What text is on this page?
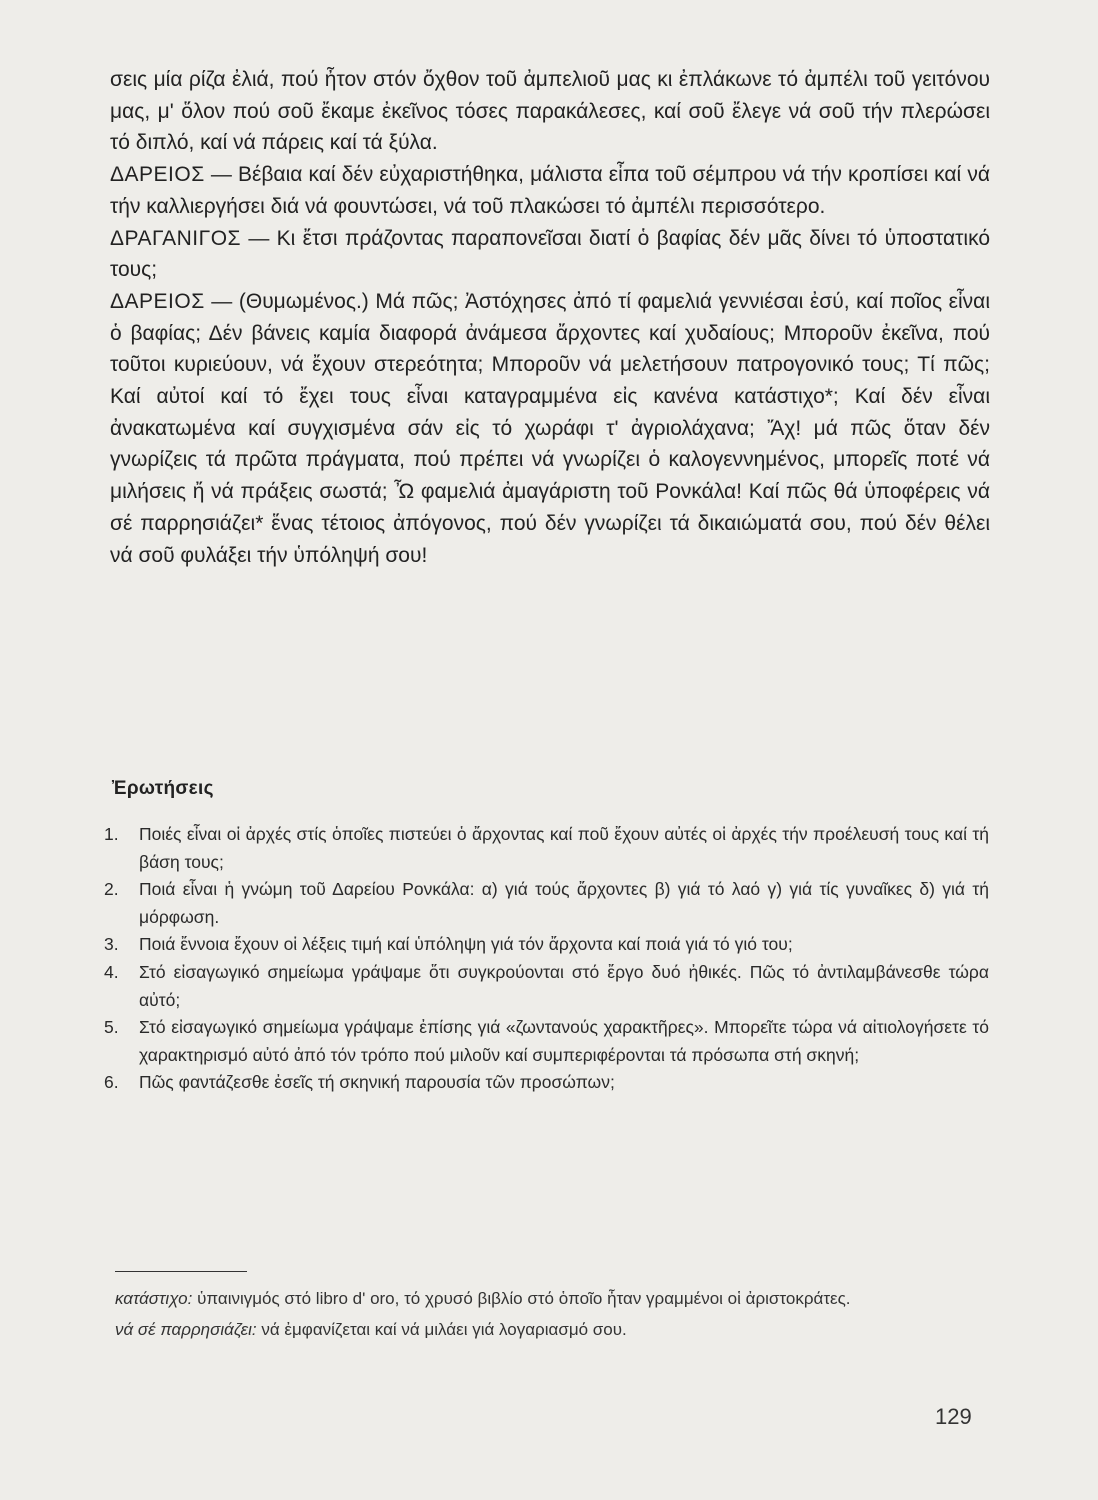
σεις μία ρίζα ἐλιά, πού ἦτον στόν ὄχθον τοῦ ἀμπελιοῦ μας κι ἐπλάκωνε τό ἀμπέλι τοῦ γειτόνου μας, μ' ὅλον πού σοῦ ἔκαμε ἐκεῖνος τόσες παρακάλεσες, καί σοῦ ἔλεγε νά σοῦ τήν πλερώσει τό διπλό, καί νά πάρεις καί τά ξύλα.

ΔΑΡΕΙΟΣ — Βέβαια καί δέν εὐχαριστήθηκα, μάλιστα εἶπα τοῦ σέμπρου νά τήν κροπίσει καί νά τήν καλλιεργήσει διά νά φουντώσει, νά τοῦ πλακώσει τό ἀμπέλι περισσότερο.

ΔΡΑΓΑΝΙΓΟΣ — Κι ἔτσι πράζοντας παραπονεῖσαι διατί ὁ βαφίας δέν μᾶς δίνει τό ὑποστατικό τους;

ΔΑΡΕΙΟΣ — (Θυμωμένος.) Μά πῶς; Ἀστόχησες ἀπό τί φαμελιά γεννιέσαι ἐσύ, καί ποῖος εἶναι ὁ βαφίας; Δέν βάνεις καμία διαφορά ἀνάμεσα ἄρχοντες καί χυδαίους; Μποροῦν ἐκεῖνα, πού τοῦτοι κυριεύουν, νά ἔχουν στερεότητα; Μποροῦν νά μελετήσουν πατρογονικό τους; Τί πῶς; Καί αὐτοί καί τό ἔχει τους εἶναι καταγραμμένα εἰς κανένα κατάστιχο*; Καί δέν εἶναι ἀνακατωμένα καί συγχισμένα σάν εἰς τό χωράφι τ' ἀγριολάχανα; Ἄχ! μά πῶς ὅταν δέν γνωρίζεις τά πρῶτα πράγματα, πού πρέπει νά γνωρίζει ὁ καλογεννημένος, μπορεῖς ποτέ νά μιλήσεις ἤ νά πράξεις σωστά; Ὦ φαμελιά ἀμαγάριστη τοῦ Ρονκάλα! Καί πῶς θά ὑποφέρεις νά σέ παρρησιάζει* ἕνας τέτοιος ἀπόγονος, πού δέν γνωρίζει τά δικαιώματά σου, πού δέν θέλει νά σοῦ φυλάξει τήν ὑπόληψή σου!

Ἐρωτήσεις
1. Ποιές εἶναι οἱ ἀρχές στίς ὁποῖες πιστεύει ὁ ἄρχοντας καί ποῦ ἔχουν αὐτές οἱ ἀρχές τήν προέλευσή τους καί τή βάση τους;
2. Ποιά εἶναι ἡ γνώμη τοῦ Δαρείου Ρονκάλα: α) γιά τούς ἄρχοντες β) γιά τό λαό γ) γιά τίς γυναῖκες δ) γιά τή μόρφωση.
3. Ποιά ἔννοια ἔχουν οἱ λέξεις τιμή καί ὑπόληψη γιά τόν ἄρχοντα καί ποιά γιά τό γιό του;
4. Στό εἰσαγωγικό σημείωμα γράψαμε ὅτι συγκρούονται στό ἔργο δυό ἠθικές. Πῶς τό ἀντιλαμβάνεσθε τώρα αὐτό;
5. Στό εἰσαγωγικό σημείωμα γράψαμε ἐπίσης γιά «ζωντανούς χαρακτῆρες». Μπορεῖτε τώρα νά αἰτιολογήσετε τό χαρακτηρισμό αὐτό ἀπό τόν τρόπο πού μιλοῦν καί συμπεριφέρονται τά πρόσωπα στή σκηνή;
6. Πῶς φαντάζεσθε ἐσεῖς τή σκηνική παρουσία τῶν προσώπων;
κατάστιχο: ὑπαινιγμός στό libro d' oro, τό χρυσό βιβλίο στό ὁποῖο ἦταν γραμμένοι οἱ ἀριστοκράτες.
νά σέ παρρησιάζει: νά ἐμφανίζεται καί νά μιλάει γιά λογαριασμό σου.
129
